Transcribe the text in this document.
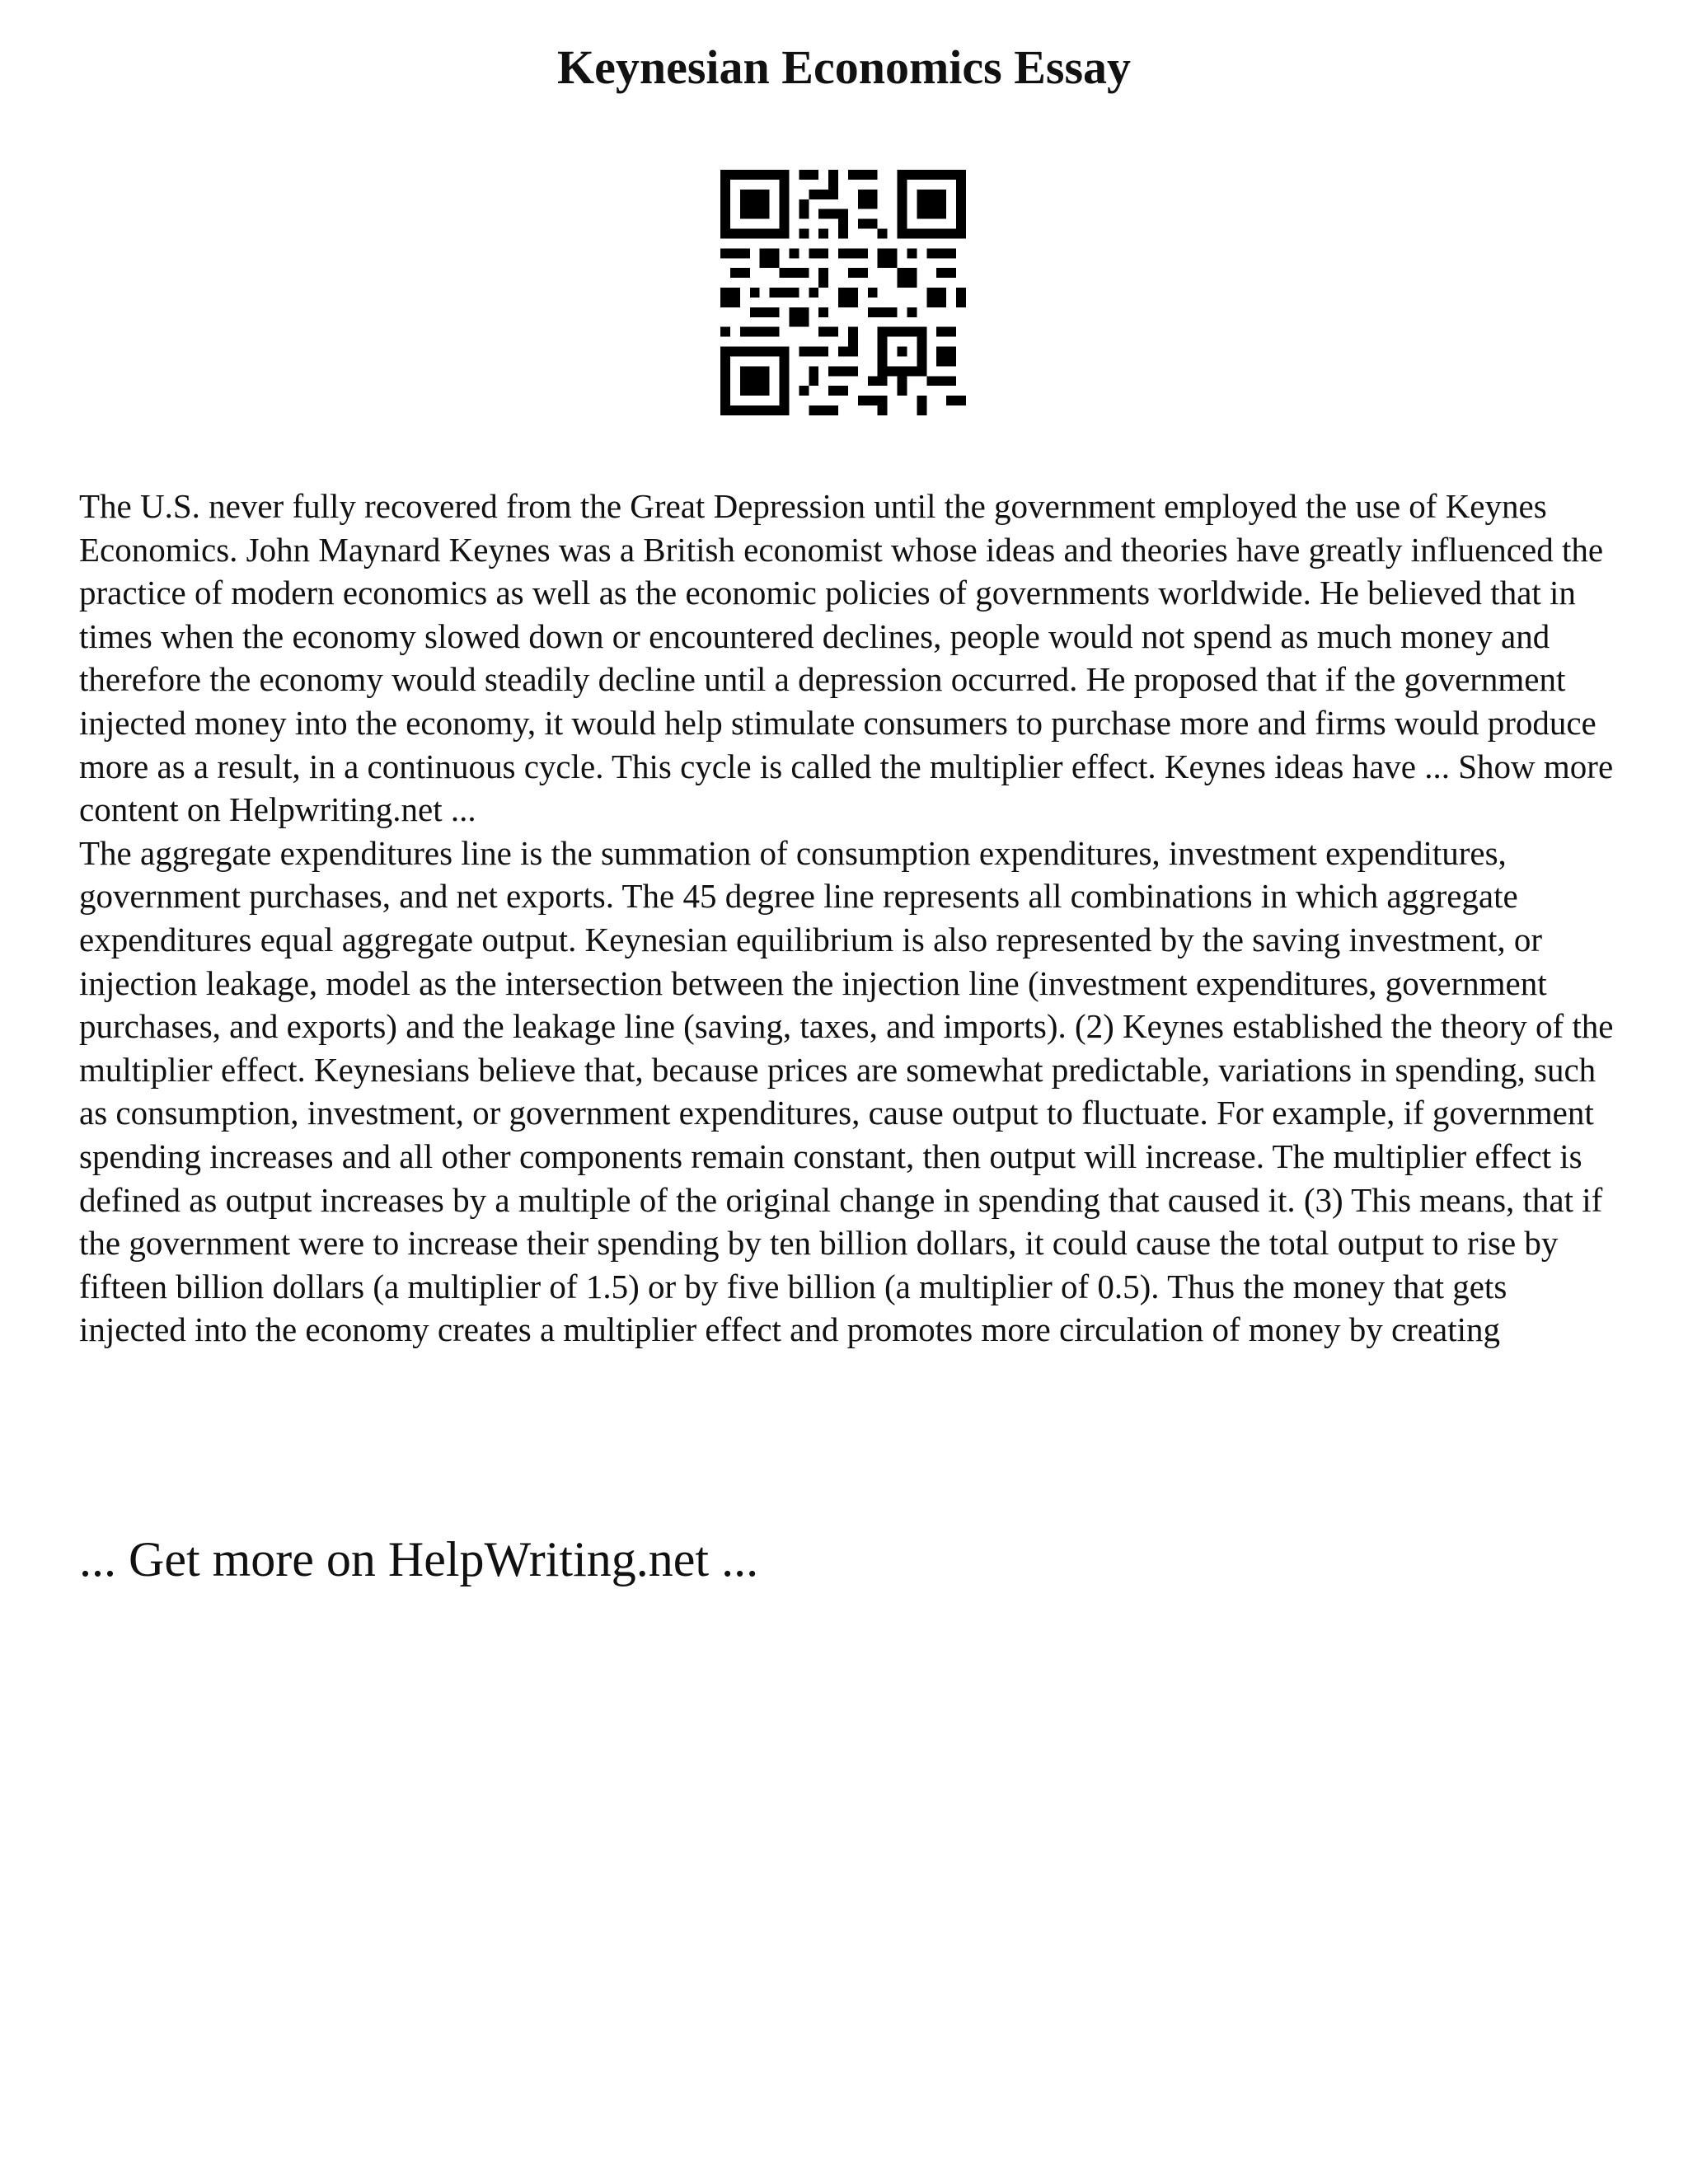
Keynesian Economics Essay

The U.S. never fully recovered from the Great Depression until the government employed the use of Keynes Economics. John Maynard Keynes was a British economist whose ideas and theories have greatly influenced the practice of modern economics as well as the economic policies of governments worldwide. He believed that in times when the economy slowed down or encountered declines, people would not spend as much money and therefore the economy would steadily decline until a depression occurred. He proposed that if the government injected money into the economy, it would help stimulate consumers to purchase more and firms would produce more as a result, in a continuous cycle. This cycle is called the multiplier effect. Keynes ideas have ... Show more content on Helpwriting.net ...

The aggregate expenditures line is the summation of consumption expenditures, investment expenditures, government purchases, and net exports. The 45 degree line represents all combinations in which aggregate expenditures equal aggregate output. Keynesian equilibrium is also represented by the saving investment, or injection leakage, model as the intersection between the injection line (investment expenditures, government purchases, and exports) and the leakage line (saving, taxes, and imports). (2) Keynes established the theory of the multiplier effect. Keynesians believe that, because prices are somewhat predictable, variations in spending, such as consumption, investment, or government expenditures, cause output to fluctuate. For example, if government spending increases and all other components remain constant, then output will increase. The multiplier effect is defined as output increases by a multiple of the original change in spending that caused it. (3) This means, that if the government were to increase their spending by ten billion dollars, it could cause the total output to rise by fifteen billion dollars (a multiplier of 1.5) or by five billion (a multiplier of 0.5). Thus the money that gets injected into the economy creates a multiplier effect and promotes more circulation of money by creating

... Get more on HelpWriting.net ...
